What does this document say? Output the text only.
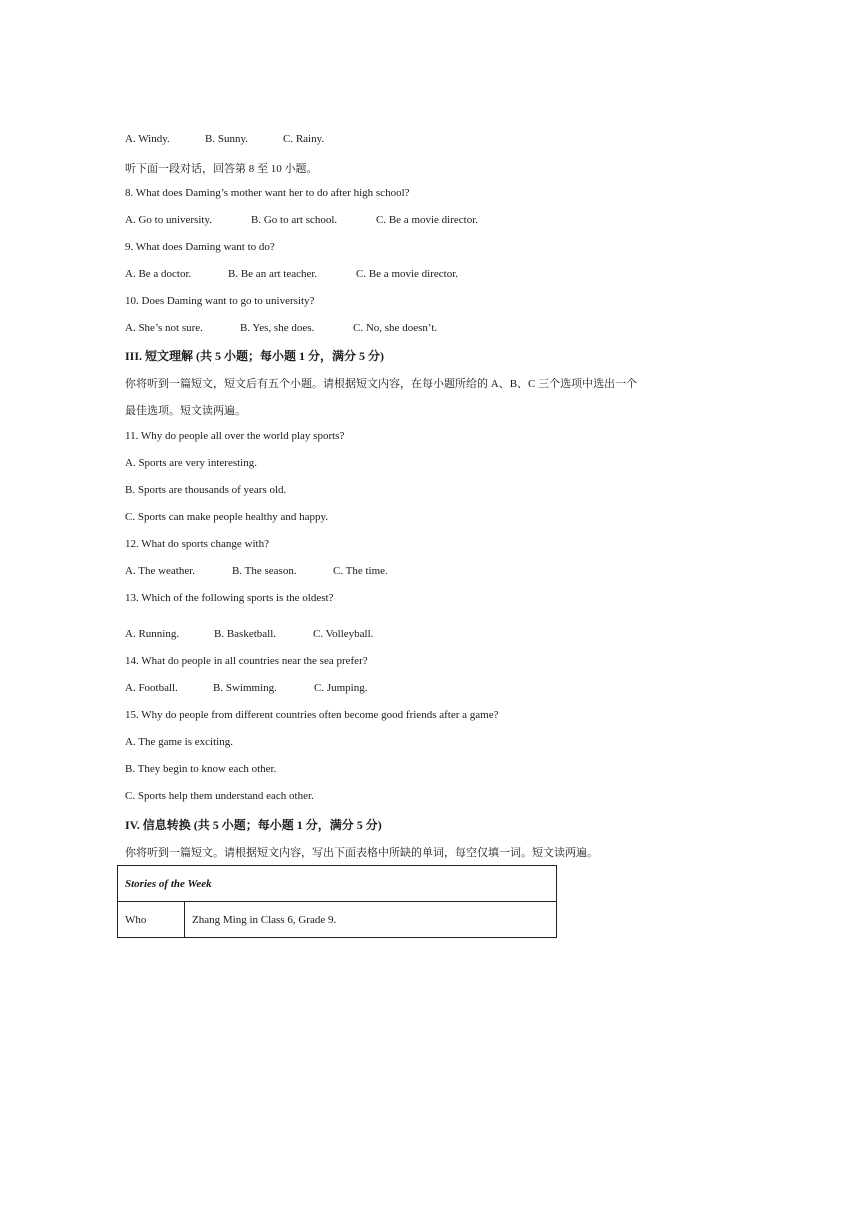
A. Windy.	B. Sunny.	C. Rainy.
听下面一段对话，回答第 8 至 10 小题。
8. What does Daming’s mother want her to do after high school?
A. Go to university.	B. Go to art school.	C. Be a movie director.
9. What does Daming want to do?
A. Be a doctor.	B. Be an art teacher.	C. Be a movie director.
10. Does Daming want to go to university?
A. She’s not sure.	B. Yes, she does.	C. No, she doesn’t.
III. 短文理解 (共 5 小题；每小题 1 分，满分 5 分)
你将听到一篇短文，短文后有五个小题。请根据短文内容，在每小题所给的 A、B、C 三个选项中选出一个
最佳选项。短文读两遍。
11. Why do people all over the world play sports?
A. Sports are very interesting.
B. Sports are thousands of years old.
C. Sports can make people healthy and happy.
12. What do sports change with?
A. The weather.	B. The season.	C. The time.
13. Which of the following sports is the oldest?
A. Running.	B. Basketball.	C. Volleyball.
14. What do people in all countries near the sea prefer?
A. Football.	B. Swimming.	C. Jumping.
15. Why do people from different countries often become good friends after a game?
A. The game is exciting.
B. They begin to know each other.
C. Sports help them understand each other.
IV. 信息转换 (共 5 小题；每小题 1 分，满分 5 分)
你将听到一篇短文。请根据短文内容，写出下面表格中所缺的单词，每空仅填一词。短文读两遍。
Stories of the Week
Who	Zhang Ming in Class 6, Grade 9.
